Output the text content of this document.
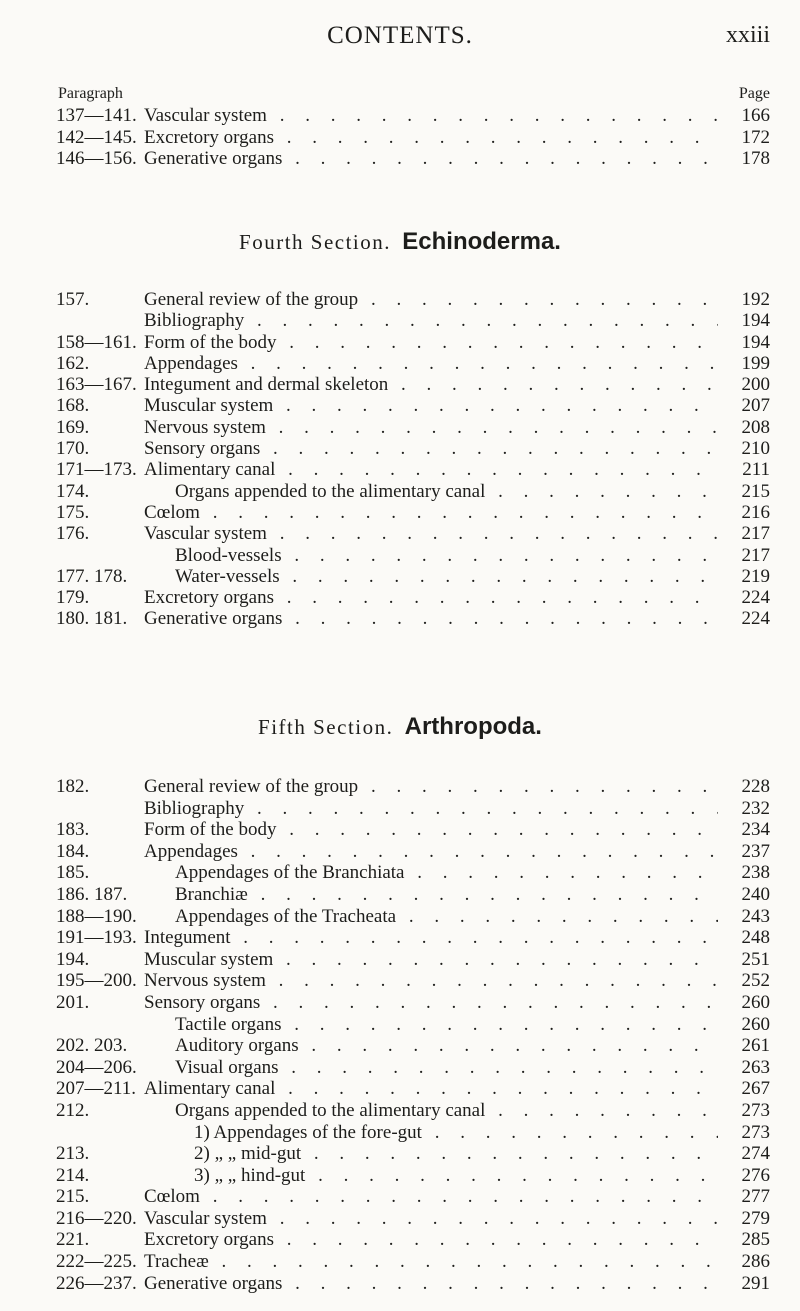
CONTENTS.	xxiii
Paragraph	Page
137—141. Vascular system . . .	166
142—145. Excretory organs . . .	172
146—156. Generative organs . . .	178
Fourth Section. Echinoderma.
157.	General review of the group . . .	192
Bibliography . . .	194
158—161. Form of the body . . .	194
162.	Appendages . . .	199
163—167. Integument and dermal skeleton . . .	200
168.	Muscular system . . .	207
169.	Nervous system . . .	208
170.	Sensory organs . . .	210
171—173. Alimentary canal . . .	211
174.	Organs appended to the alimentary canal . . .	215
175.	Cœlom . . .	216
176.	Vascular system . . .	217
Blood-vessels . . .	217
177. 178.	Water-vessels . . .	219
179.	Excretory organs . . .	224
180. 181. Generative organs . . .	224
Fifth Section. Arthropoda.
182.	General review of the group . . .	228
Bibliography . . .	232
183.	Form of the body . . .	234
184.	Appendages . . .	237
185.	Appendages of the Branchiata . . .	238
186. 187.	Branchiæ . . .	240
188—190. Appendages of the Tracheata . . .	243
191—193. Integument . . .	248
194.	Muscular system . . .	251
195—200. Nervous system . . .	252
201.	Sensory organs . . .	260
Tactile organs . . .	260
202. 203.	Auditory organs . . .	261
204—206. Visual organs . . .	263
207—211. Alimentary canal . . .	267
212.	Organs appended to the alimentary canal . . .	273
1) Appendages of the fore-gut . . .	273
213.	2) „ „ mid-gut . . .	274
214.	3) „ „ hind-gut . . .	276
215.	Cœlom . . .	277
216—220. Vascular system . . .	279
221.	Excretory organs . . .	285
222—225. Tracheæ . . .	286
226—237. Generative organs . . .	291
